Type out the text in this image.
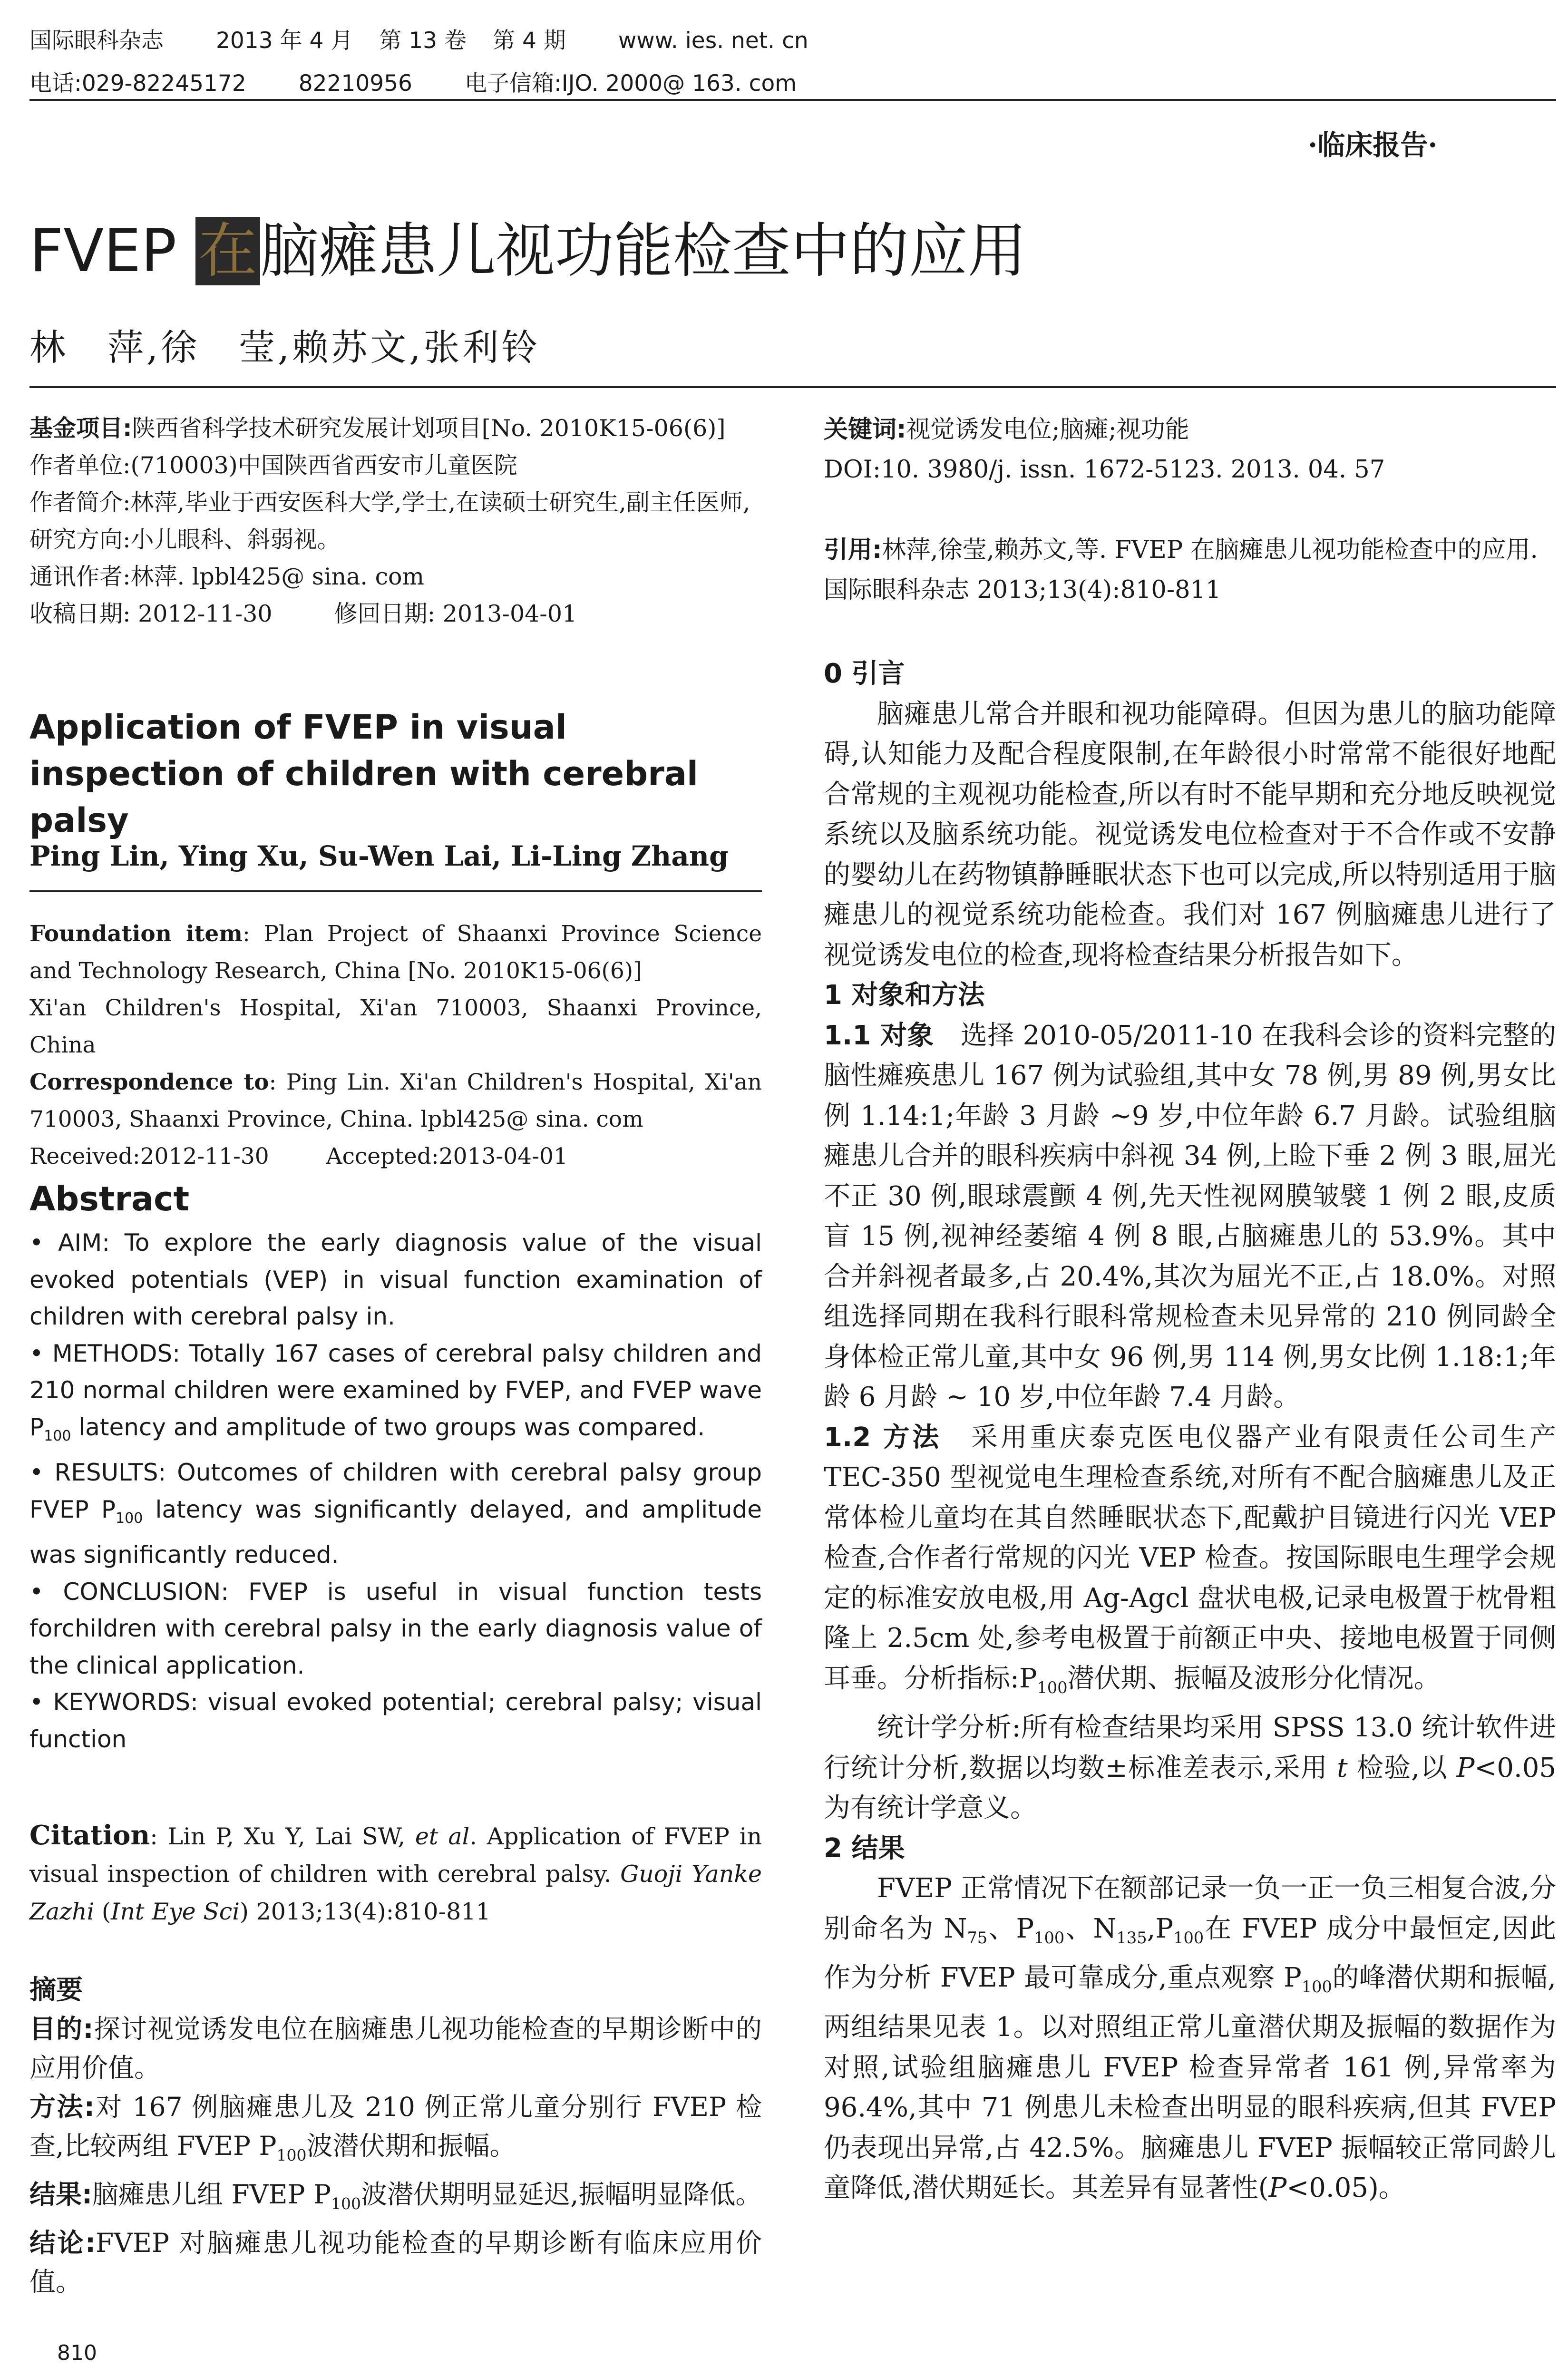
国际眼科杂志 2013 年 4 月 第 13 卷 第 4 期 www. ies. net. cn
电话:029-82245172 82210956 电子信箱:IJO. 2000@ 163. com
·临床报告·
FVEP 在脑瘫患儿视功能检查中的应用
林　萍,徐　莹,赖苏文,张利铃

基金项目:陕西省科学技术研究发展计划项目[No. 2010K15-06(6)]

作者单位:(710003)中国陕西省西安市儿童医院

作者简介:林萍,毕业于西安医科大学,学士,在读硕士研究生,副主任医师,研究方向:小儿眼科、斜弱视。

通讯作者:林萍. lpbl425@ sina. com

收稿日期: 2012-11-30	修回日期: 2013-04-01

Application of FVEP in visual inspection of children with cerebral palsy
Ping Lin, Ying Xu, Su-Wen Lai, Li-Ling Zhang

Foundation item: Plan Project of Shaanxi Province Science and Technology Research, China [No. 2010K15-06(6)]

Xi'an Children's Hospital, Xi'an 710003, Shaanxi Province, China

Correspondence to: Ping Lin. Xi'an Children's Hospital, Xi'an 710003, Shaanxi Province, China. lpbl425@ sina. com

Received:2012-11-30	Accepted:2013-04-01

Abstract

• AIM: To explore the early diagnosis value of the visual evoked potentials (VEP) in visual function examination of children with cerebral palsy in.

• METHODS: Totally 167 cases of cerebral palsy children and 210 normal children were examined by FVEP, and FVEP wave $P_{100}$ latency and amplitude of two groups was compared.

• RESULTS: Outcomes of children with cerebral palsy group FVEP $P_{100}$ latency was significantly delayed, and amplitude was significantly reduced.

• CONCLUSION: FVEP is useful in visual function tests forchildren with cerebral palsy in the early diagnosis value of the clinical application.

• KEYWORDS: visual evoked potential; cerebral palsy; visual function

Citation: Lin P, Xu Y, Lai SW, et al. Application of FVEP in visual inspection of children with cerebral palsy. Guoji Yanke Zazhi (Int Eye Sci) 2013;13(4):810-811
摘要

目的:探讨视觉诱发电位在脑瘫患儿视功能检查的早期诊断中的应用价值。

方法:对 167 例脑瘫患儿及 210 例正常儿童分别行 FVEP 检查,比较两组 FVEP $P_{100}$波潜伏期和振幅。

结果:脑瘫患儿组 FVEP $P_{100}$波潜伏期明显延迟,振幅明显降低。

结论:FVEP 对脑瘫患儿视功能检查的早期诊断有临床应用价值。

810

关键词:视觉诱发电位;脑瘫;视功能

DOI:10. 3980/j. issn. 1672-5123. 2013. 04. 57

引用:林萍,徐莹,赖苏文,等. FVEP 在脑瘫患儿视功能检查中的应用. 国际眼科杂志 2013;13(4):810-811

0 引言

脑瘫患儿常合并眼和视功能障碍。但因为患儿的脑功能障碍,认知能力及配合程度限制,在年龄很小时常常不能很好地配合常规的主观视功能检查,所以有时不能早期和充分地反映视觉系统以及脑系统功能。视觉诱发电位检查对于不合作或不安静的婴幼儿在药物镇静睡眠状态下也可以完成,所以特别适用于脑瘫患儿的视觉系统功能检查。我们对 167 例脑瘫患儿进行了视觉诱发电位的检查,现将检查结果分析报告如下。

1 对象和方法

1.1 对象　选择 2010-05/2011-10 在我科会诊的资料完整的脑性瘫痪患儿 167 例为试验组,其中女 78 例,男 89 例,男女比例 1.14:1;年龄 3 月龄 ~9 岁,中位年龄 6.7 月龄。试验组脑瘫患儿合并的眼科疾病中斜视 34 例,上睑下垂 2 例 3 眼,屈光不正 30 例,眼球震颤 4 例,先天性视网膜皱襞 1 例 2 眼,皮质盲 15 例,视神经萎缩 4 例 8 眼,占脑瘫患儿的 53.9%。其中合并斜视者最多,占 20.4%,其次为屈光不正,占 18.0%。对照组选择同期在我科行眼科常规检查未见异常的 210 例同龄全身体检正常儿童,其中女 96 例,男 114 例,男女比例 1.18:1;年龄 6 月龄 ~ 10 岁,中位年龄 7.4 月龄。

1.2 方法　采用重庆泰克医电仪器产业有限责任公司生产 TEC-350 型视觉电生理检查系统,对所有不配合脑瘫患儿及正常体检儿童均在其自然睡眠状态下,配戴护目镜进行闪光 VEP 检查,合作者行常规的闪光 VEP 检查。按国际眼电生理学会规定的标准安放电极,用 Ag-Agcl 盘状电极,记录电极置于枕骨粗隆上 2.5cm 处,参考电极置于前额正中央、接地电极置于同侧耳垂。分析指标$:P_{100}$潜伏期、振幅及波形分化情况。

统计学分析:所有检查结果均采用 SPSS 13.0 统计软件进行统计分析,数据以均数±标准差表示,采用 t 检验,以 P<0.05 为有统计学意义。

2 结果

FVEP 正常情况下在额部记录一负一正一负三相复合波,分别命名为 $N_{75}$、$P_{100}$、$N_{135},P_{100}$在 FVEP 成分中最恒定,因此作为分析 FVEP 最可靠成分,重点观察 $P_{100}$的峰潜伏期和振幅,两组结果见表 1。以对照组正常儿童潜伏期及振幅的数据作为对照,试验组脑瘫患儿 FVEP 检查异常者 161 例,异常率为 96.4%,其中 71 例患儿未检查出明显的眼科疾病,但其 FVEP 仍表现出异常,占 42.5%。脑瘫患儿 FVEP 振幅较正常同龄儿童降低,潜伏期延长。其差异有显著性(P<0.05)。
